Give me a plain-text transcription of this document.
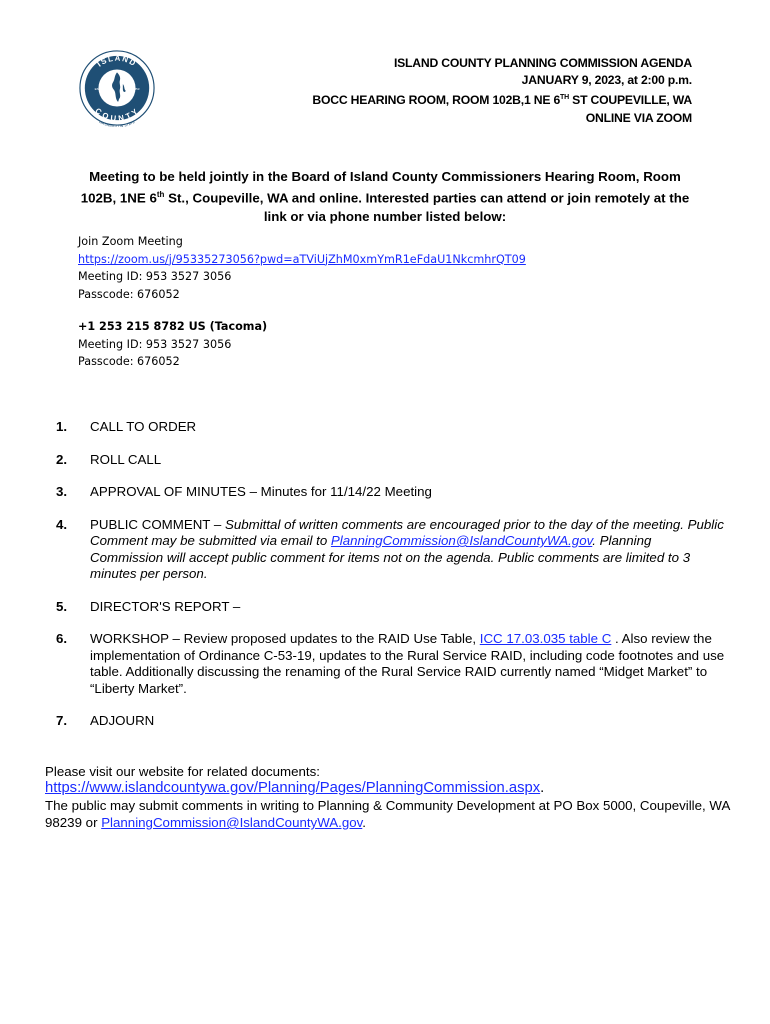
ISLAND
COUNTY
EST	1853
WASHINGTON STATE
ISLAND COUNTY PLANNING COMMISSION AGENDA
JANUARY 9, 2023, at 2:00 p.m.
BOCC HEARING ROOM, ROOM 102B,1 NE 6TH ST COUPEVILLE, WA
ONLINE VIA ZOOM
Meeting to be held jointly in the Board of Island County Commissioners Hearing Room, Room 102B, 1NE 6th St., Coupeville, WA and online. Interested parties can attend or join remotely at the link or via phone number listed below:
Join Zoom Meeting
https://zoom.us/j/95335273056?pwd=aTViUjZhM0xmYmR1eFdaU1NkcmhrQT09
Meeting ID: 953 3527 3056
Passcode: 676052
+1 253 215 8782 US (Tacoma)
Meeting ID: 953 3527 3056
Passcode: 676052
1.	CALL TO ORDER
2.	ROLL CALL
3.	APPROVAL OF MINUTES – Minutes for 11/14/22 Meeting
4.	PUBLIC COMMENT – Submittal of written comments are encouraged prior to the day of the meeting. Public Comment may be submitted via email to PlanningCommission@IslandCountyWA.gov. Planning Commission will accept public comment for items not on the agenda. Public comments are limited to 3 minutes per person.
5.	DIRECTOR'S REPORT –
6.	WORKSHOP – Review proposed updates to the RAID Use Table, ICC 17.03.035 table C . Also review the implementation of Ordinance C-53-19, updates to the Rural Service RAID, including code footnotes and use table. Additionally discussing the renaming of the Rural Service RAID currently named “Midget Market” to “Liberty Market”.
7.	ADJOURN
Please visit our website for related documents:
https://www.islandcountywa.gov/Planning/Pages/PlanningCommission.aspx.
The public may submit comments in writing to Planning & Community Development at PO Box 5000, Coupeville, WA 98239 or PlanningCommission@IslandCountyWA.gov.
